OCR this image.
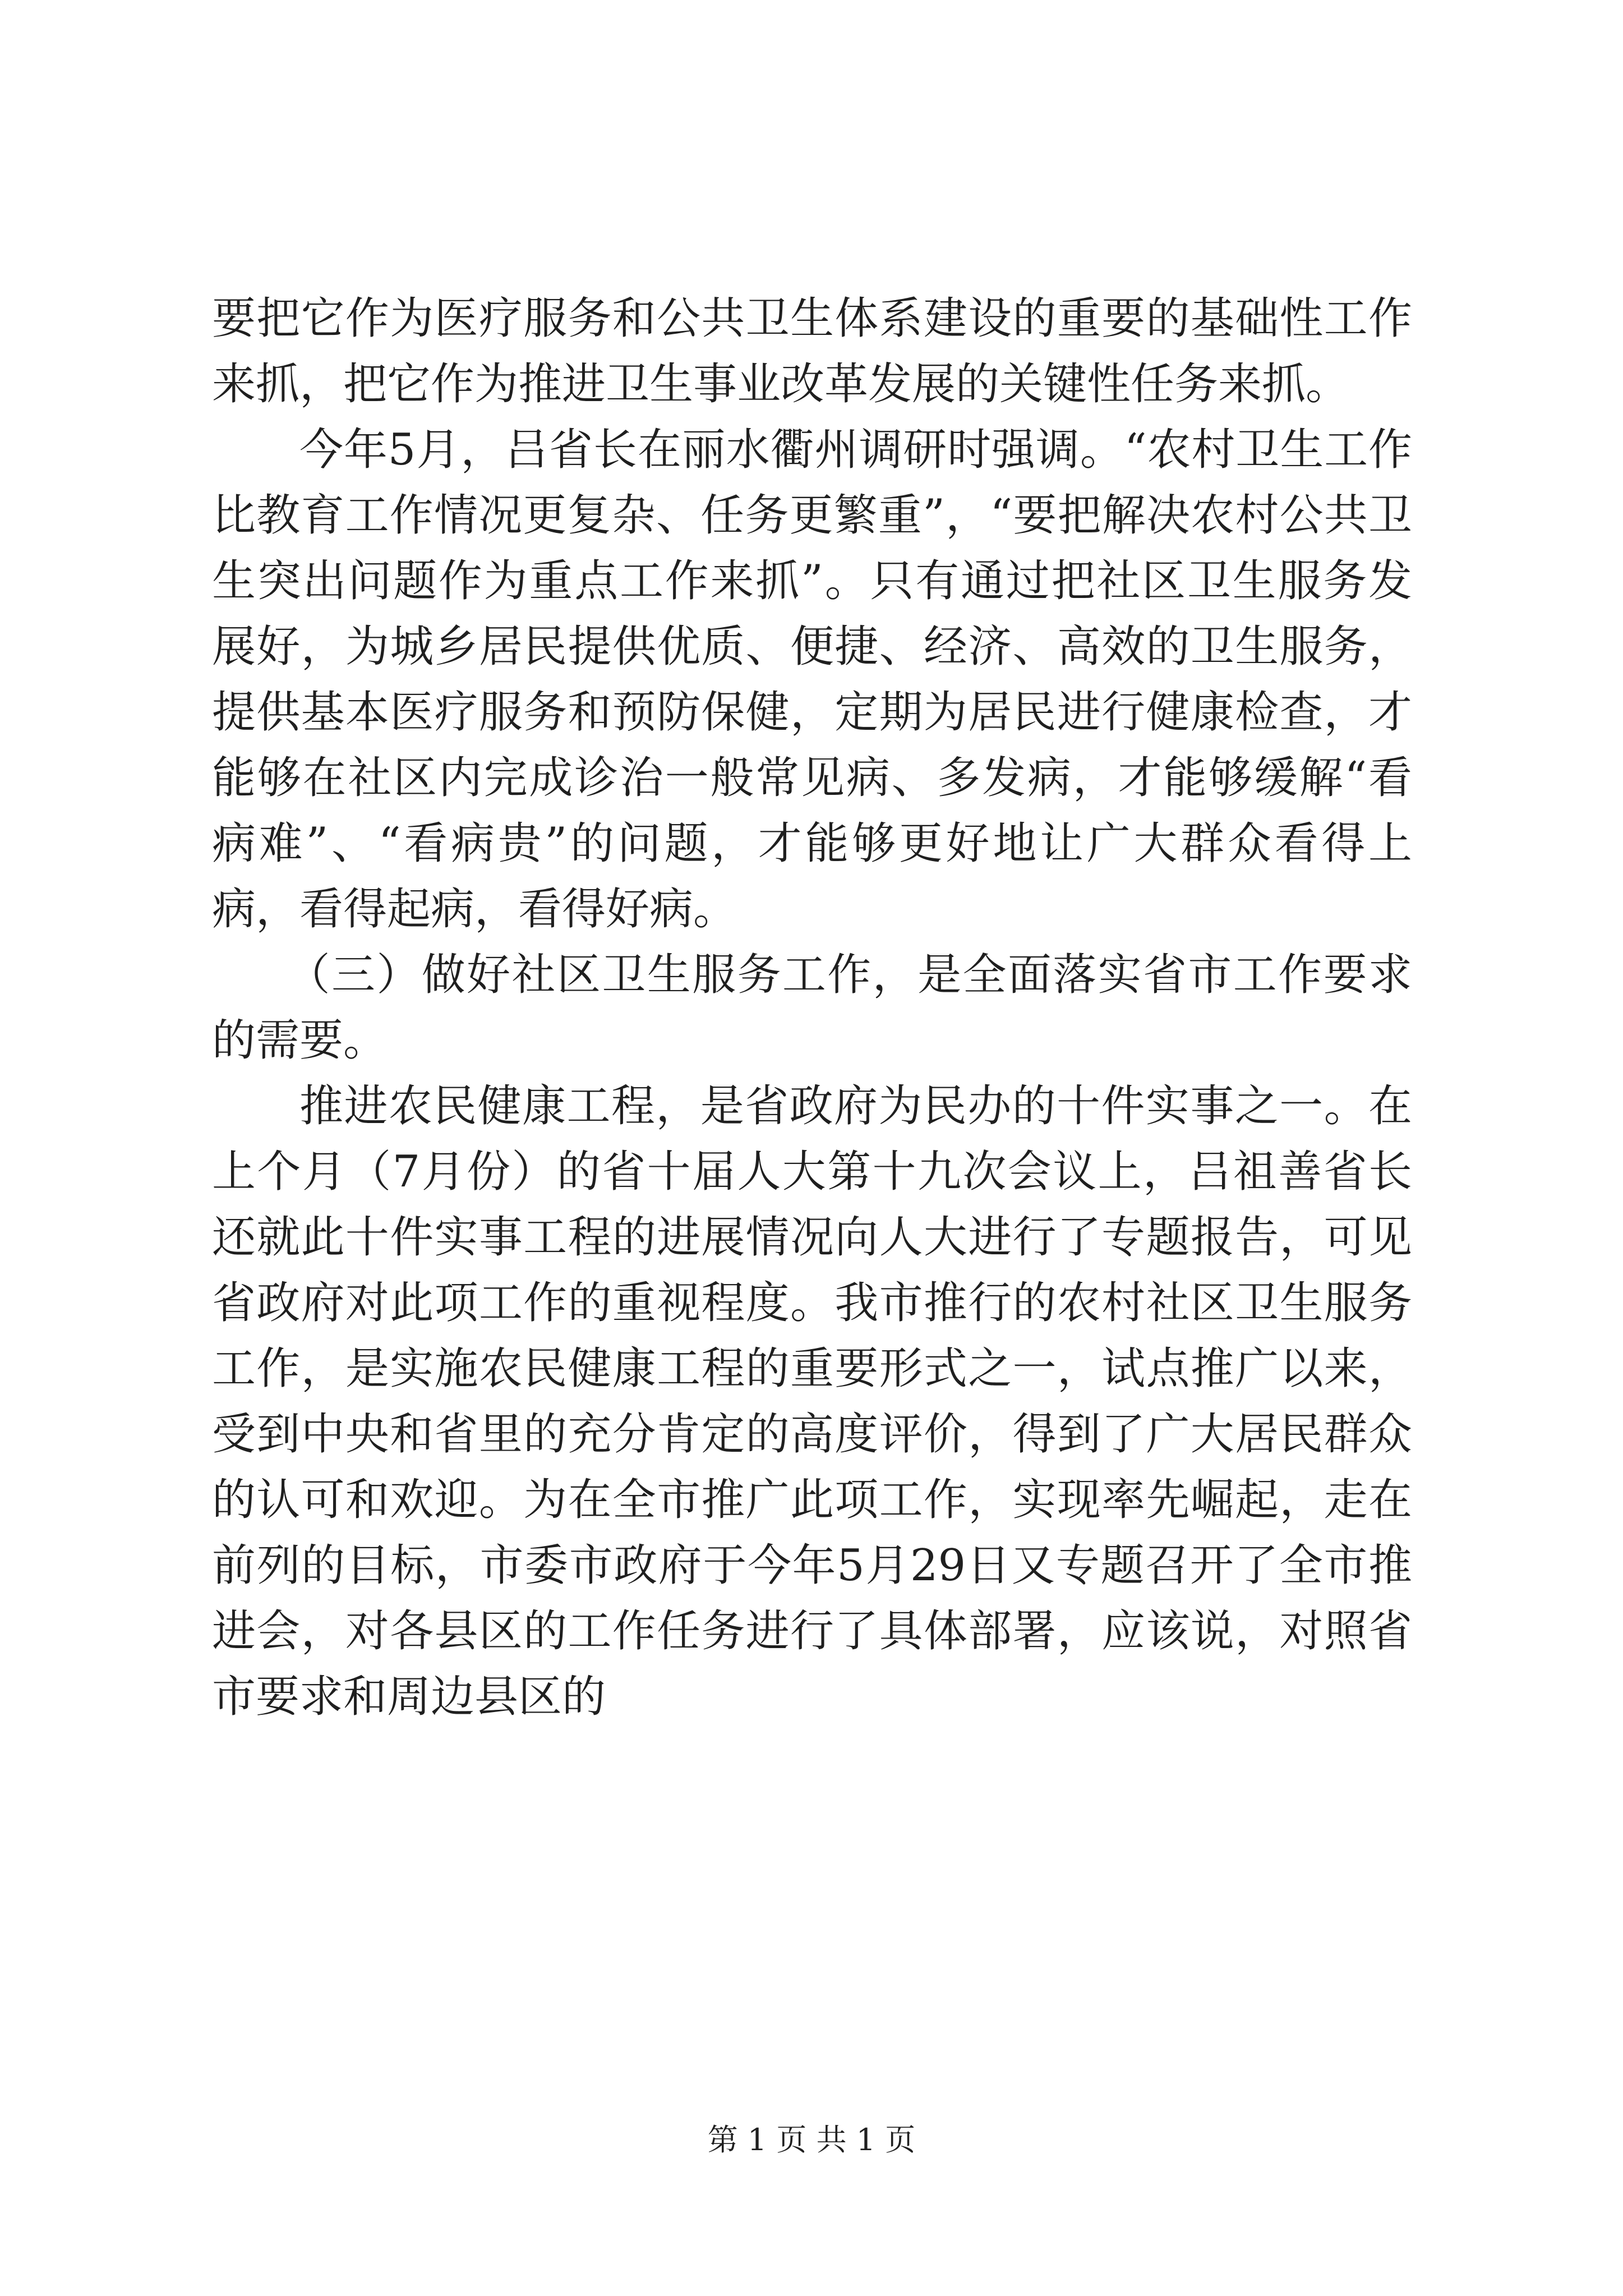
要把它作为医疗服务和公共卫生体系建设的重要的基础性工作来抓，把它作为推进卫生事业改革发展的关键性任务来抓。

今年5月，吕省长在丽水衢州调研时强调。“农村卫生工作比教育工作情况更复杂、任务更繁重”，“要把解决农村公共卫生突出问题作为重点工作来抓”。只有通过把社区卫生服务发展好，为城乡居民提供优质、便捷、经济、高效的卫生服务，提供基本医疗服务和预防保健，定期为居民进行健康检查，才能够在社区内完成诊治一般常见病、多发病，才能够缓解“看病难”、“看病贵”的问题，才能够更好地让广大群众看得上病，看得起病，看得好病。

（三）做好社区卫生服务工作，是全面落实省市工作要求的需要。

推进农民健康工程，是省政府为民办的十件实事之一。在上个月（7月份）的省十届人大第十九次会议上，吕祖善省长还就此十件实事工程的进展情况向人大进行了专题报告，可见省政府对此项工作的重视程度。我市推行的农村社区卫生服务工作，是实施农民健康工程的重要形式之一，试点推广以来，受到中央和省里的充分肯定的高度评价，得到了广大居民群众的认可和欢迎。为在全市推广此项工作，实现率先崛起，走在前列的目标，市委市政府于今年5月29日又专题召开了全市推进会，对各县区的工作任务进行了具体部署，应该说，对照省市要求和周边县区的

第 1 页 共 1 页
